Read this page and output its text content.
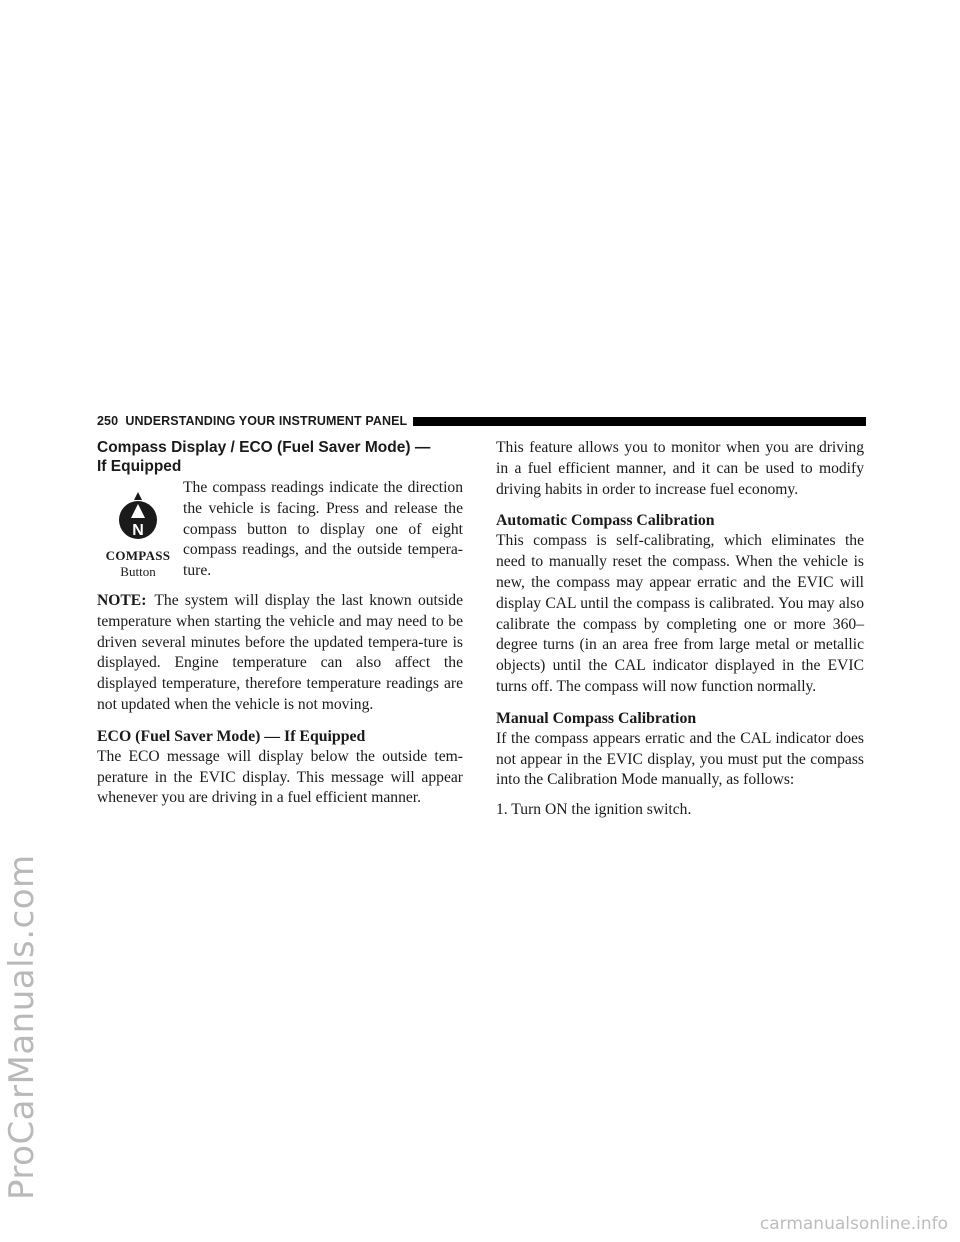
ProCarManuals.com
250 UNDERSTANDING YOUR INSTRUMENT PANEL
Compass Display / ECO (Fuel Saver Mode) —
If Equipped
N
COMPASS
Button

The compass readings indicate the direction the vehicle is facing. Press and release the compass button to display one of eight compass readings, and the outside tempera-ture.

NOTE: The system will display the last known outside temperature when starting the vehicle and may need to be driven several minutes before the updated tempera-ture is displayed. Engine temperature can also affect the displayed temperature, therefore temperature readings are not updated when the vehicle is not moving.

ECO (Fuel Saver Mode) — If Equipped

The ECO message will display below the outside tem-perature in the EVIC display. This message will appear whenever you are driving in a fuel efficient manner.

This feature allows you to monitor when you are driving in a fuel efficient manner, and it can be used to modify driving habits in order to increase fuel economy.

Automatic Compass Calibration

This compass is self-calibrating, which eliminates the need to manually reset the compass. When the vehicle is new, the compass may appear erratic and the EVIC will display CAL until the compass is calibrated. You may also calibrate the compass by completing one or more 360–degree turns (in an area free from large metal or metallic objects) until the CAL indicator displayed in the EVIC turns off. The compass will now function normally.

Manual Compass Calibration

If the compass appears erratic and the CAL indicator does not appear in the EVIC display, you must put the compass into the Calibration Mode manually, as follows:

1. Turn ON the ignition switch.

carmanualsonline.info
